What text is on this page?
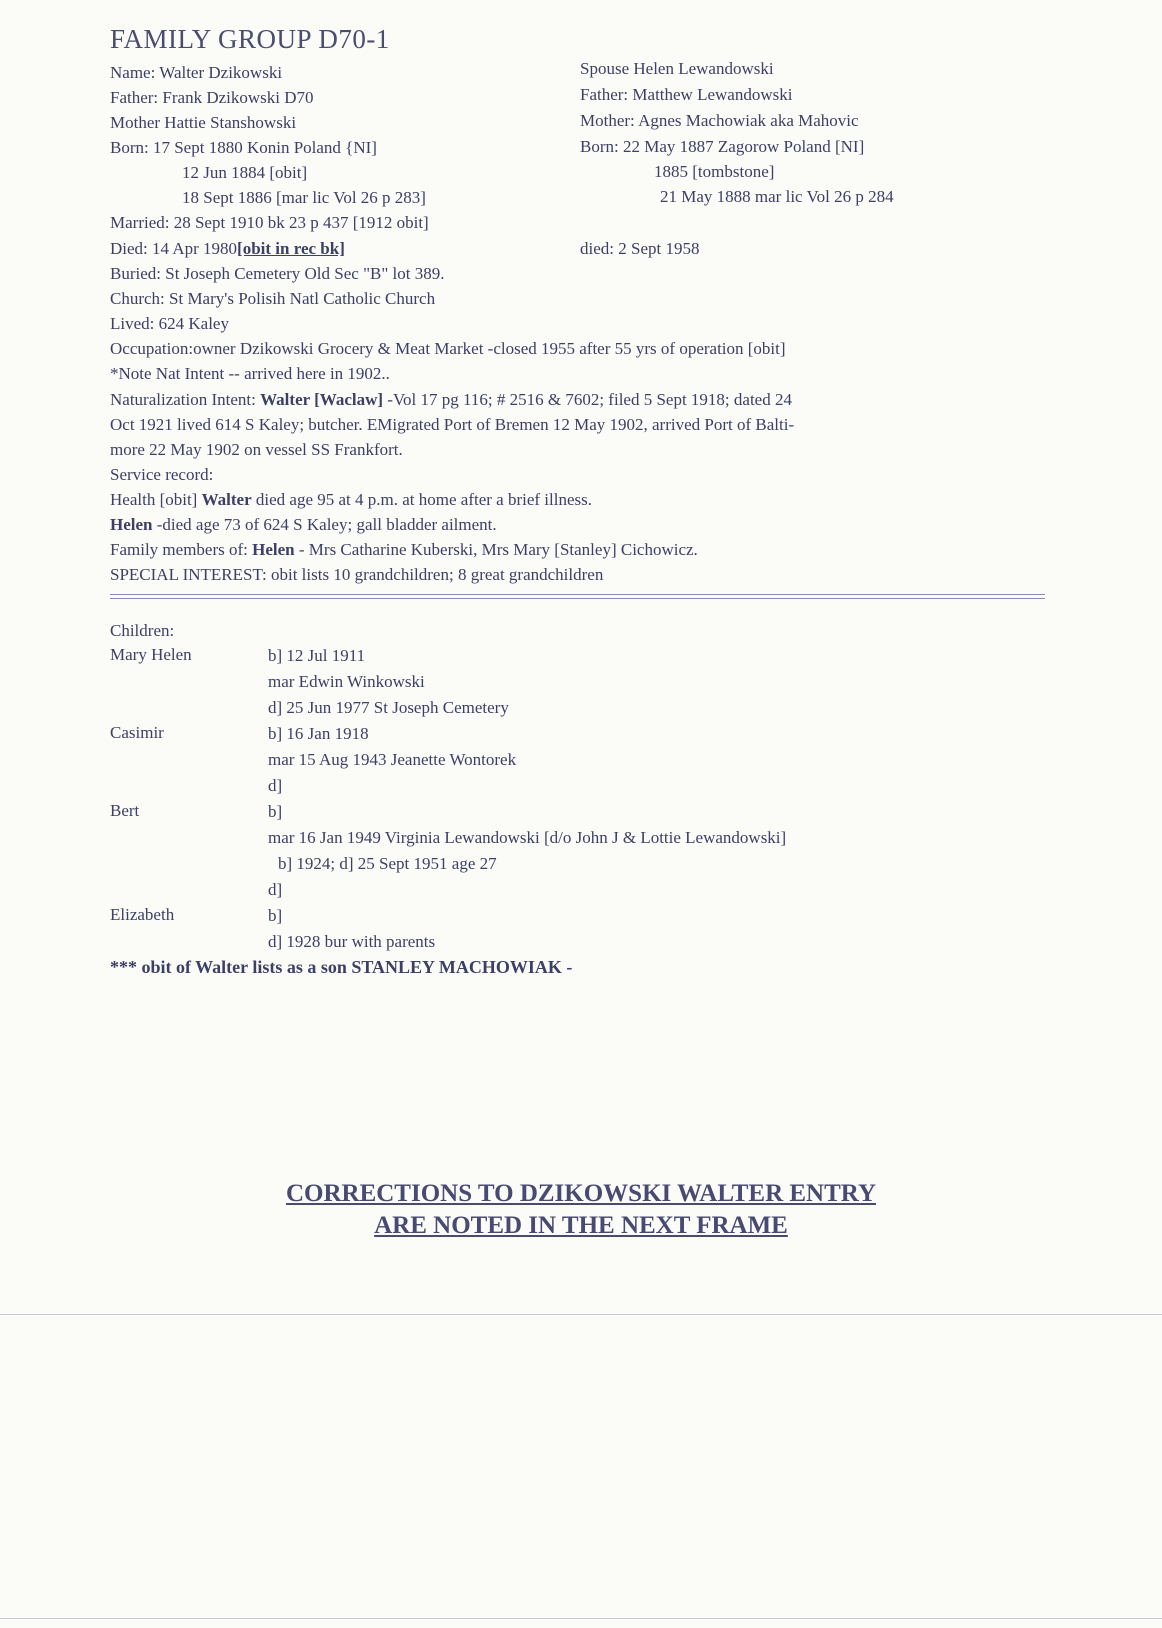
FAMILY GROUP D70-1
Name: Walter Dzikowski
Father: Frank Dzikowski D70
Mother Hattie Stanshowski
Born: 17 Sept 1880 Konin Poland {NI]
12 Jun 1884 [obit]
18 Sept 1886 [mar lic Vol 26 p 283]
Married: 28 Sept 1910 bk 23 p 437 [1912 obit]
Died: 14 Apr 1980[obit in rec bk]
Spouse Helen Lewandowski
Father: Matthew Lewandowski
Mother: Agnes Machowiak aka Mahovic
Born: 22 May 1887 Zagorow Poland [NI]
1885 [tombstone]
21 May 1888 mar lic Vol 26 p 284
died: 2 Sept 1958
Buried: St Joseph Cemetery Old Sec "B" lot 389.
Church: St Mary's Polisih Natl Catholic Church
Lived: 624 Kaley
Occupation:owner Dzikowski Grocery & Meat Market -closed 1955 after 55 yrs of operation [obit]
*Note Nat Intent -- arrived here in 1902..
Naturalization Intent: Walter [Waclaw] -Vol 17 pg 116; # 2516 & 7602; filed 5 Sept 1918; dated 24
Oct 1921 lived 614 S Kaley; butcher. EMigrated Port of Bremen 12 May 1902, arrived Port of Balti-
more 22 May 1902 on vessel SS Frankfort.
Service record:
Health [obit] Walter died age 95 at 4 p.m. at home after a brief illness.
Helen -died age 73 of 624 S Kaley; gall bladder ailment.
Family members of: Helen - Mrs Catharine Kuberski, Mrs Mary [Stanley] Cichowicz.
SPECIAL INTEREST: obit lists 10 grandchildren; 8 great grandchildren
Children:
Mary Helen	b] 12 Jul 1911
mar Edwin Winkowski
d] 25 Jun 1977 St Joseph Cemetery
Casimir	b] 16 Jan 1918
mar 15 Aug 1943 Jeanette Wontorek
d]
Bert	b]
mar 16 Jan 1949 Virginia Lewandowski [d/o John J & Lottie Lewandowski]
b] 1924; d] 25 Sept 1951 age 27
d]
Elizabeth	b]
d] 1928 bur with parents
*** obit of Walter lists as a son STANLEY MACHOWIAK -
CORRECTIONS TO DZIKOWSKI WALTER ENTRY
ARE NOTED IN THE NEXT FRAME
